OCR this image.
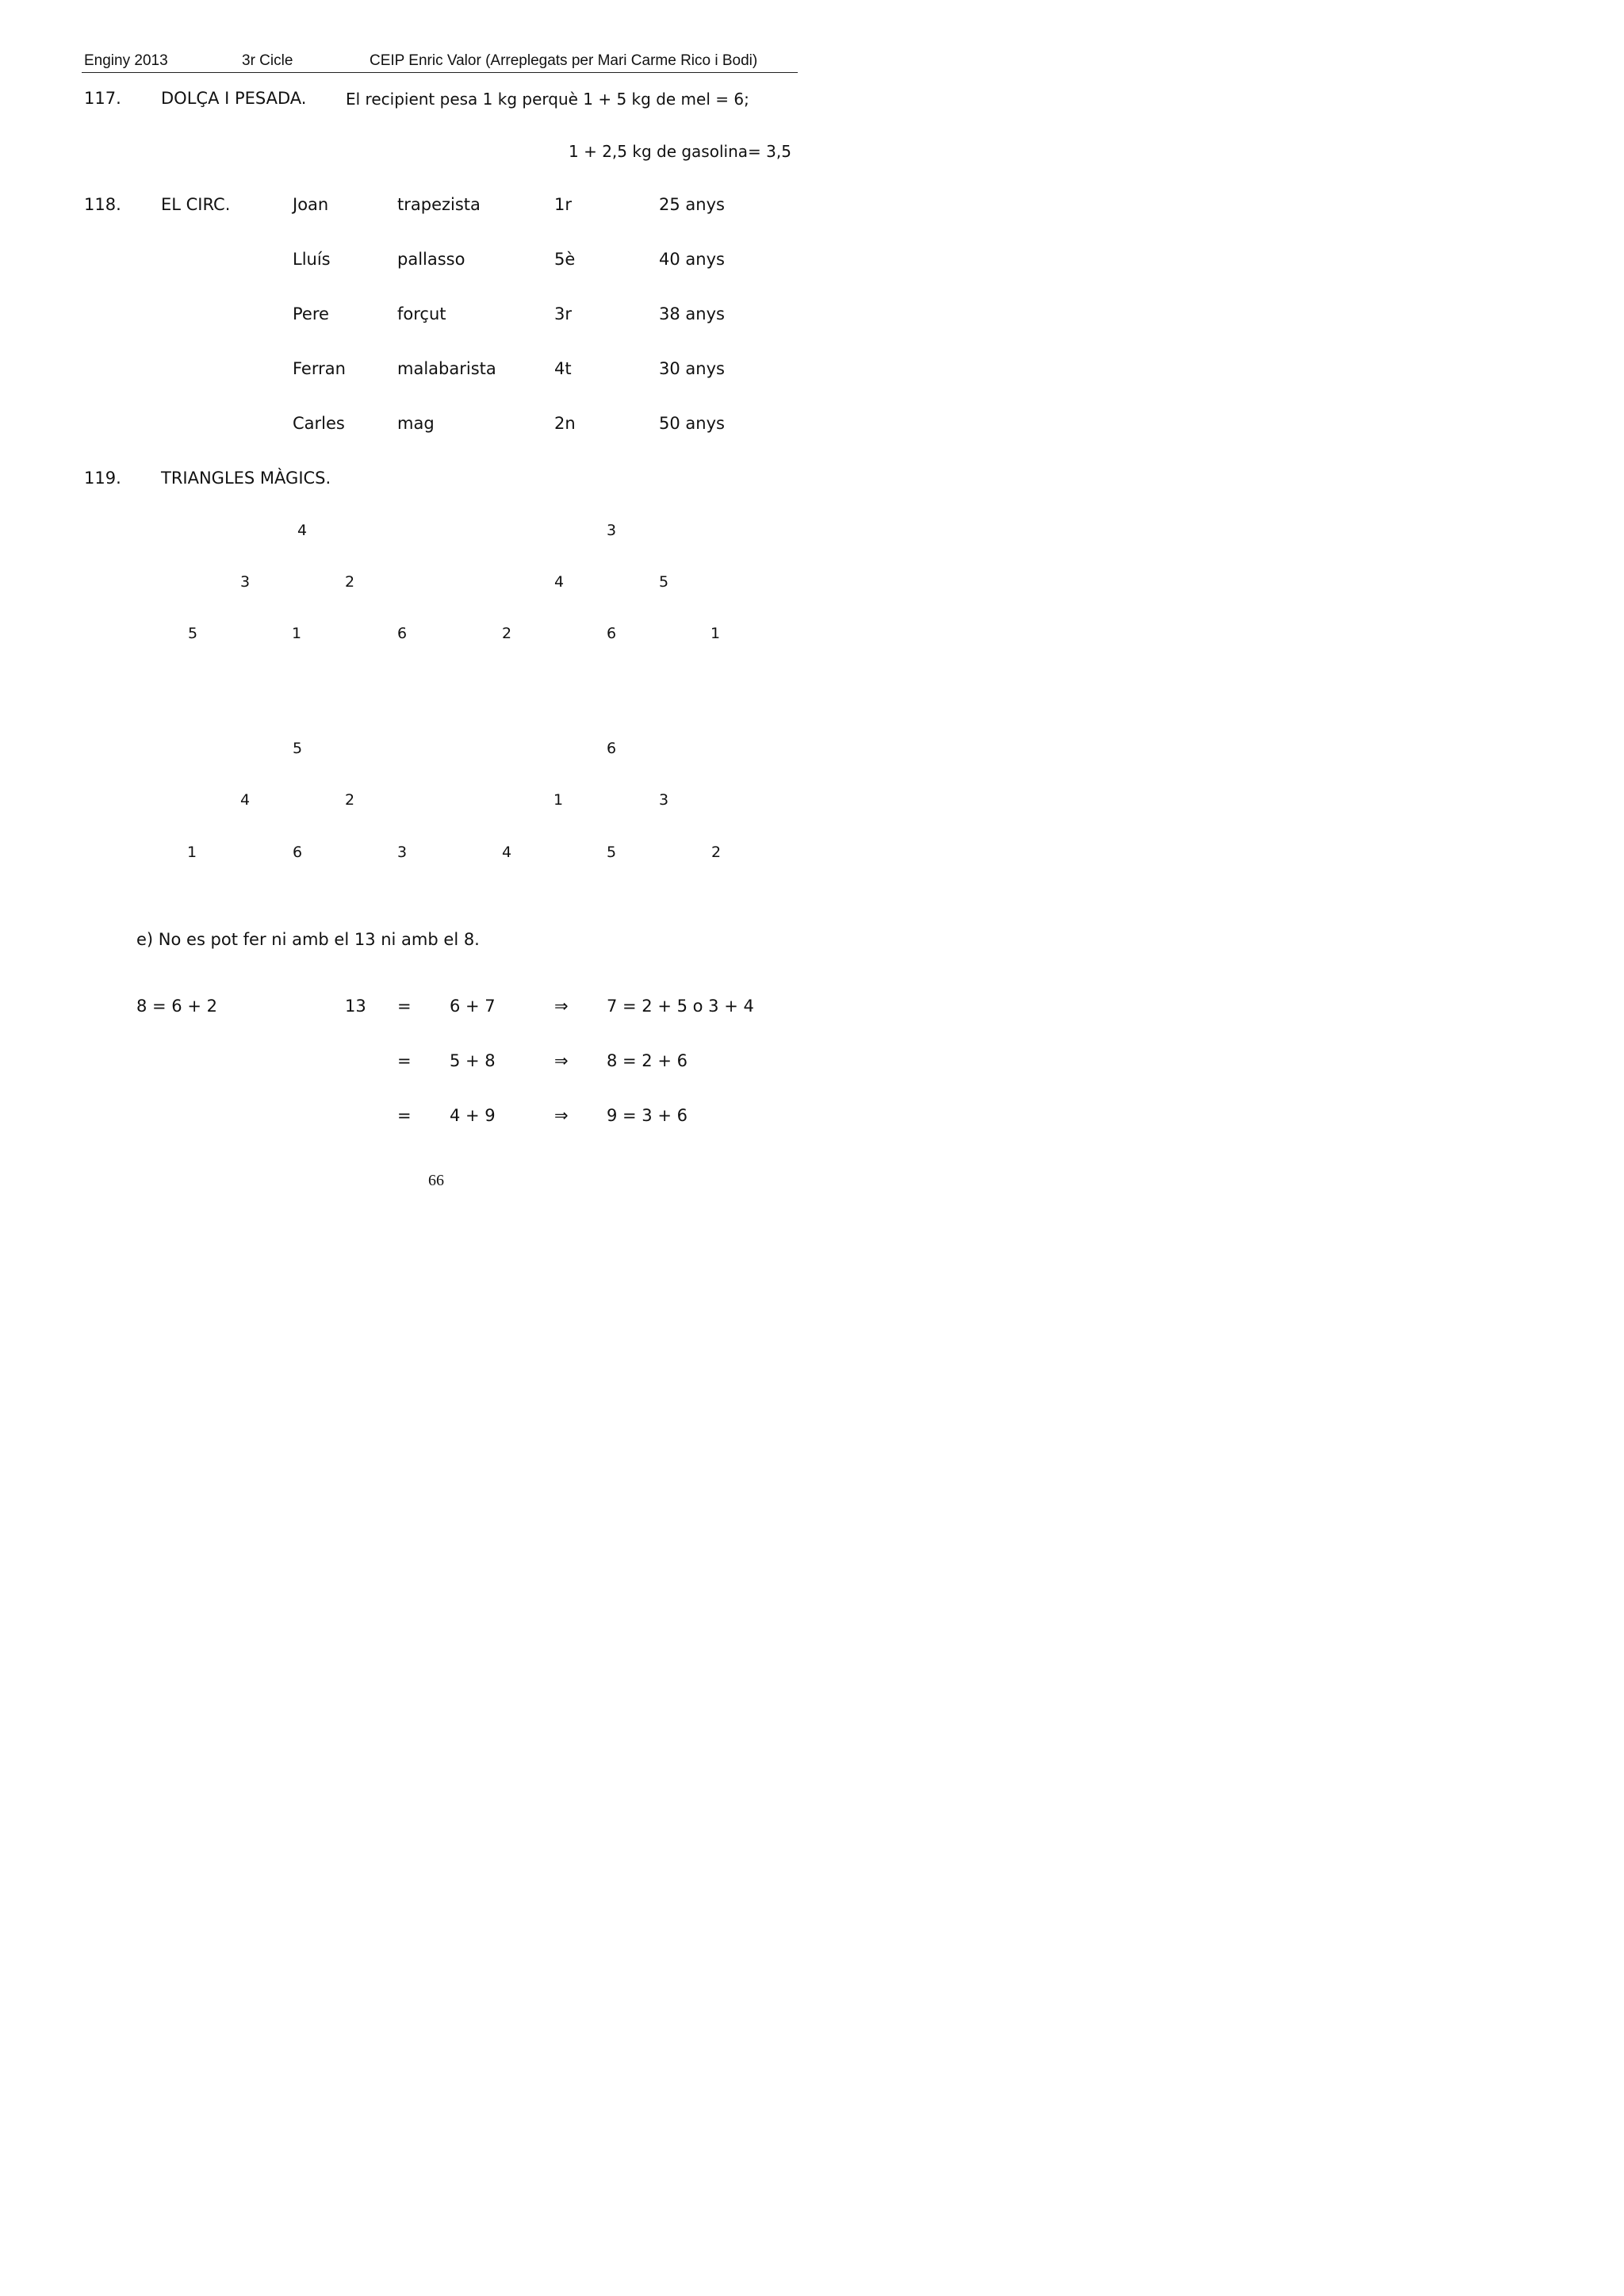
Enginy 2013	3r Cicle	CEIP Enric Valor (Arreplegats per Mari Carme Rico i Bodi)
117. DOLÇA I PESADA. El recipient pesa 1 kg perquè 1 + 5 kg de mel = 6;
1 + 2,5 kg de gasolina= 3,5
118. EL CIRC.	Joan	trapezista	1r	25 anys
Lluís	pallasso	5è	40 anys
Pere	forçut	3r	38 anys
Ferran	malabarista	4t	30 anys
Carles	mag	2n	50 anys
119. TRIANGLES MÀGICS.
4
3	2
5	1	6
3
4	5
2	6	1
5
4	2
1	6	3
6
1	3
4	5	2
e) No es pot fer ni amb el 13 ni amb el 8.
8 = 6 + 2	13 = 6 + 7	⇒ 7 = 2 + 5 o 3 + 4
= 5 + 8	⇒ 8 = 2 + 6
= 4 + 9	⇒ 9 = 3 + 6
66
